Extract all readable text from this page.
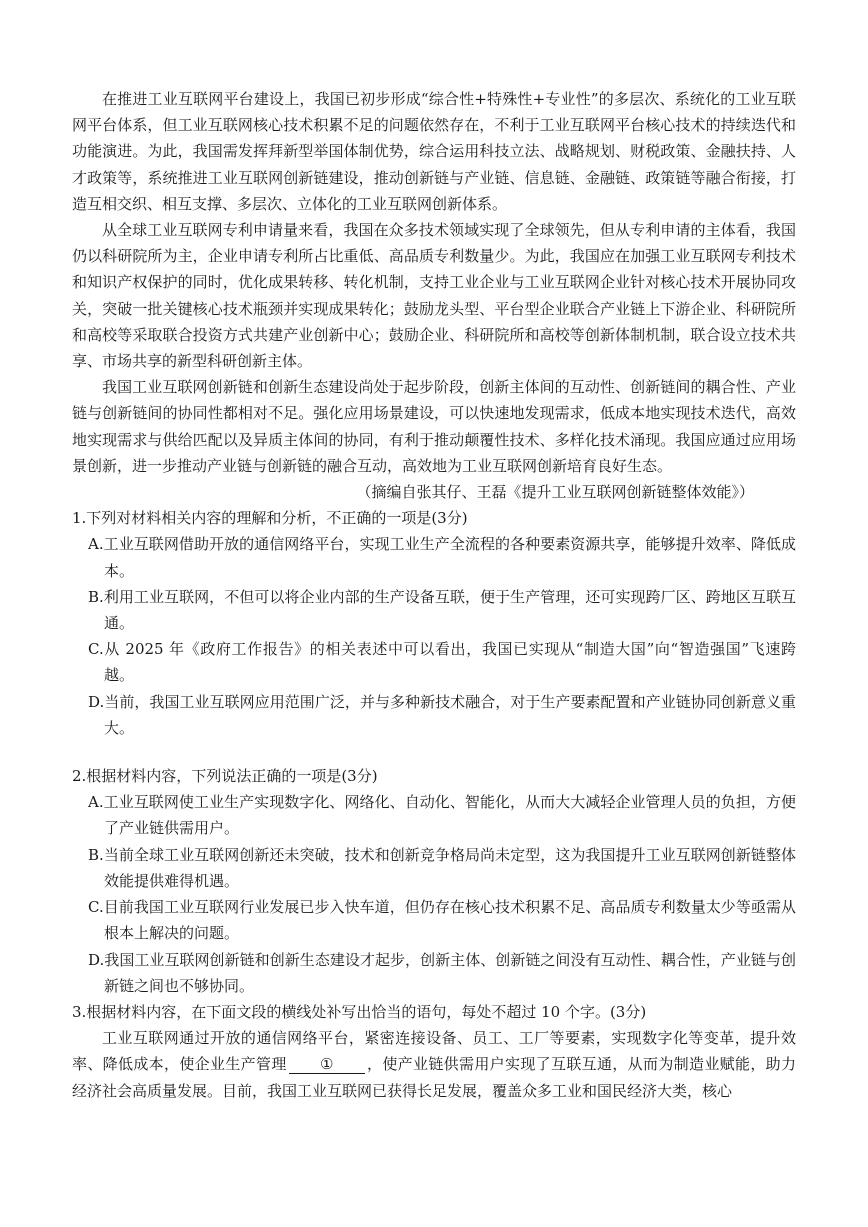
在推进工业互联网平台建设上，我国已初步形成“综合性+特殊性+专业性”的多层次、系统化的工业互联网平台体系，但工业互联网核心技术积累不足的问题依然存在，不利于工业互联网平台核心技术的持续迭代和功能演进。为此，我国需发挥拜新型举国体制优势，综合运用科技立法、战略规划、财税政策、金融扶持、人才政策等，系统推进工业互联网创新链建设，推动创新链与产业链、信息链、金融链、政策链等融合衔接，打造互相交织、相互支撑、多层次、立体化的工业互联网创新体系。

从全球工业互联网专利申请量来看，我国在众多技术领域实现了全球领先，但从专利申请的主体看，我国仍以科研院所为主，企业申请专利所占比重低、高品质专利数量少。为此，我国应在加强工业互联网专利技术和知识产权保护的同时，优化成果转移、转化机制，支持工业企业与工业互联网企业针对核心技术开展协同攻关，突破一批关键核心技术瓶颈并实现成果转化；鼓励龙头型、平台型企业联合产业链上下游企业、科研院所和高校等采取联合投资方式共建产业创新中心；鼓励企业、科研院所和高校等创新体制机制，联合设立技术共享、市场共享的新型科研创新主体。

我国工业互联网创新链和创新生态建设尚处于起步阶段，创新主体间的互动性、创新链间的耦合性、产业链与创新链间的协同性都相对不足。强化应用场景建设，可以快速地发现需求，低成本地实现技术迭代，高效地实现需求与供给匹配以及异质主体间的协同，有利于推动颠覆性技术、多样化技术涌现。我国应通过应用场景创新，进一步推动产业链与创新链的融合互动，高效地为工业互联网创新培育良好生态。

（摘编自张其仔、王磊《提升工业互联网创新链整体效能》）

1.下列对材料相关内容的理解和分析，不正确的一项是(3分)

A.工业互联网借助开放的通信网络平台，实现工业生产全流程的各种要素资源共享，能够提升效率、降低成本。

B.利用工业互联网，不但可以将企业内部的生产设备互联，便于生产管理，还可实现跨厂区、跨地区互联互通。

C.从 2025 年《政府工作报告》的相关表述中可以看出，我国已实现从“制造大国”向“智造强国”飞速跨越。

D.当前，我国工业互联网应用范围广泛，并与多种新技术融合，对于生产要素配置和产业链协同创新意义重大。

2.根据材料内容，下列说法正确的一项是(3分)

A.工业互联网使工业生产实现数字化、网络化、自动化、智能化，从而大大减轻企业管理人员的负担，方便了产业链供需用户。

B.当前全球工业互联网创新还未突破，技术和创新竞争格局尚未定型，这为我国提升工业互联网创新链整体效能提供难得机遇。

C.目前我国工业互联网行业发展已步入快车道，但仍存在核心技术积累不足、高品质专利数量太少等亟需从根本上解决的问题。

D.我国工业互联网创新链和创新生态建设才起步，创新主体、创新链之间没有互动性、耦合性，产业链与创新链之间也不够协同。

3.根据材料内容，在下面文段的横线处补写出恰当的语句，每处不超过 10 个字。(3分)

工业互联网通过开放的通信网络平台，紧密连接设备、员工、工厂等要素，实现数字化等变革，提升效率、降低成本，使企业生产管理 ① ，使产业链供需用户实现了互联互通，从而为制造业赋能，助力经济社会高质量发展。目前，我国工业互联网已获得长足发展，覆盖众多工业和国民经济大类，核心
